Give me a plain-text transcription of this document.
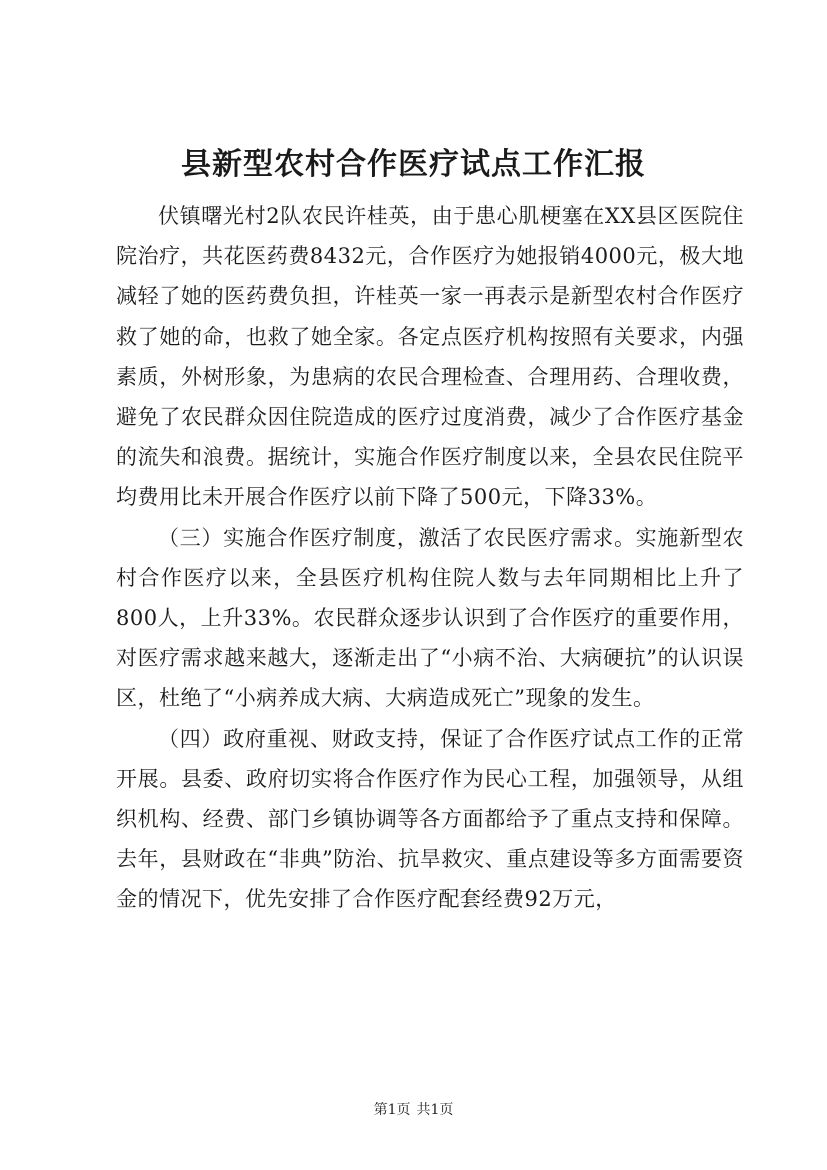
县新型农村合作医疗试点工作汇报

伏镇曙光村2队农民许桂英，由于患心肌梗塞在XX县区医院住院治疗，共花医药费8432元，合作医疗为她报销4000元，极大地减轻了她的医药费负担，许桂英一家一再表示是新型农村合作医疗救了她的命，也救了她全家。各定点医疗机构按照有关要求，内强素质，外树形象，为患病的农民合理检查、合理用药、合理收费，避免了农民群众因住院造成的医疗过度消费，减少了合作医疗基金的流失和浪费。据统计，实施合作医疗制度以来，全县农民住院平均费用比未开展合作医疗以前下降了500元，下降33%。

（三）实施合作医疗制度，激活了农民医疗需求。实施新型农村合作医疗以来，全县医疗机构住院人数与去年同期相比上升了800人，上升33%。农民群众逐步认识到了合作医疗的重要作用，对医疗需求越来越大，逐渐走出了“小病不治、大病硬抗”的认识误区，杜绝了“小病养成大病、大病造成死亡”现象的发生。

（四）政府重视、财政支持，保证了合作医疗试点工作的正常开展。县委、政府切实将合作医疗作为民心工程，加强领导，从组织机构、经费、部门乡镇协调等各方面都给予了重点支持和保障。去年，县财政在“非典”防治、抗旱救灾、重点建设等多方面需要资金的情况下，优先安排了合作医疗配套经费92万元，

第1页 共1页
